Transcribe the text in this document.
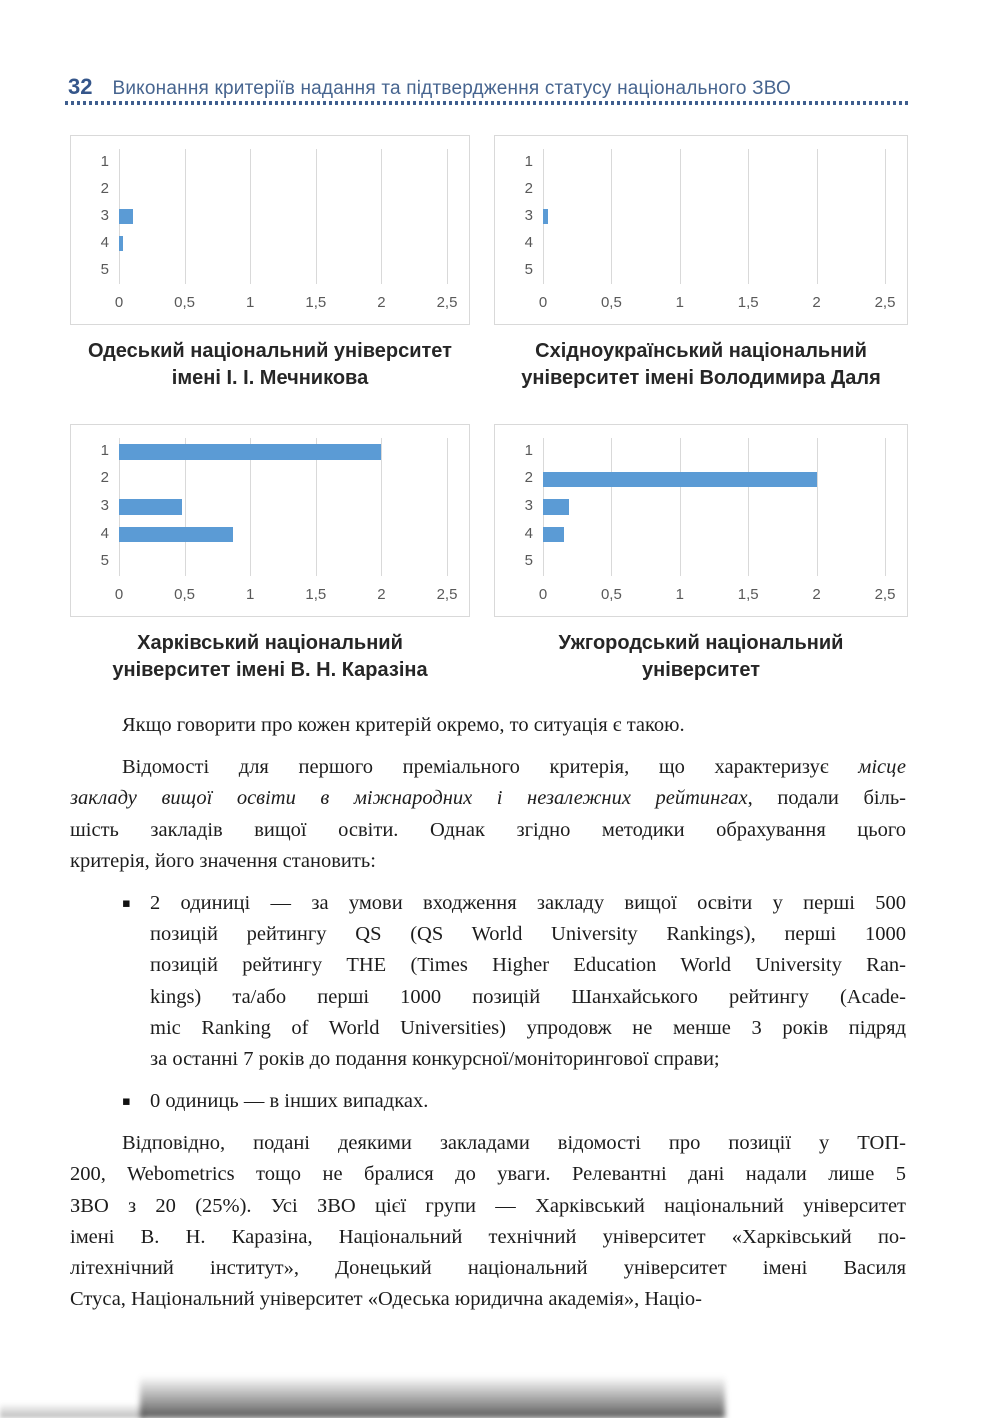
32 Виконання критеріїв надання та підтвердження статусу національного ЗВО
1
2
3
4
5
0	0,5	1	1,5	2	2,5
1
2
3
4
5
0	0,5	1	1,5	2	2,5
Одеський національний університет
імені І. І. Мечникова
Східноукраїнський національний
університет імені Володимира Даля
1
2
3
4
5
0	0,5	1	1,5	2	2,5
1
2
3
4
5
0	0,5	1	1,5	2	2,5
Харківський національний
університет імені В. Н. Каразіна
Ужгородський національний
університет
Якщо говорити про кожен критерій окремо, то ситуація є такою.
Відомості для першого преміального критерія, що характеризує місце
закладу вищої освіти в міжнародних і незалежних рейтингах, подали біль-
шість закладів вищої освіти. Однак згідно методики обрахування цього
критерія, його значення становить:
▪ 2 одиниці — за умови входження закладу вищої освіти у перші 500
позицій рейтингу QS (QS World University Rankings), перші 1000
позицій рейтингу THE (Times Higher Education World University Ran-
kings) та/або перші 1000 позицій Шанхайського рейтингу (Acade-
mic Ranking of World Universities) упродовж не менше 3 років підряд
за останні 7 років до подання конкурсної/моніторингової справи;
▪ 0 одиниць — в інших випадках.
Відповідно, подані деякими закладами відомості про позиції у ТОП-
200, Webometrics тощо не бралися до уваги. Релевантні дані надали лише 5
ЗВО з 20 (25%). Усі ЗВО цієї групи — Харківський національний університет
імені В. Н. Каразіна, Національний технічний університет «Харківський по-
літехнічний інститут», Донецький національний університет імені Василя
Стуса, Національний університет «Одеська юридична академія», Націо-
